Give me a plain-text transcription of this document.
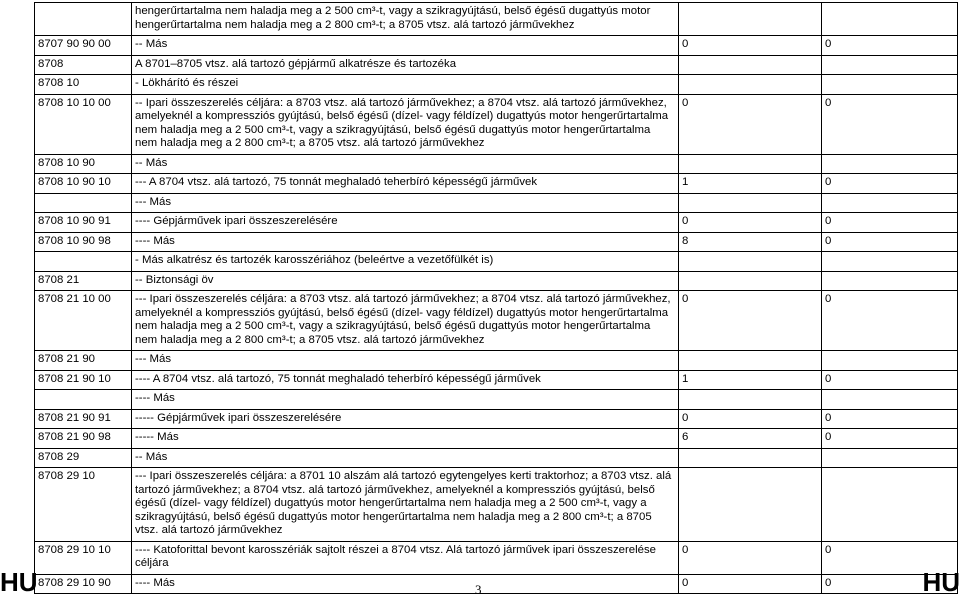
	hengerűrtartalma nem haladja meg a 2 500 cm³-t, vagy a szikragyújtású, belső égésű dugattyús motor hengerűrtartalma nem haladja meg a 2 800 cm³-t; a 8705 vtsz. alá tartozó járművekhez		
8707 90 90 00	-- Más	0	0
8708	A 8701–8705 vtsz. alá tartozó gépjármű alkatrésze és tartozéka		
8708 10	- Lökhárító és részei		
8708 10 10 00	-- Ipari összeszerelés céljára: a 8703 vtsz. alá tartozó járművekhez; a 8704 vtsz. alá tartozó járművekhez, amelyeknél a kompressziós gyújtású, belső égésű (dízel- vagy féldízel) dugattyús motor hengerűrtartalma nem haladja meg a 2 500 cm³-t, vagy a szikragyújtású, belső égésű dugattyús motor hengerűrtartalma nem haladja meg a 2 800 cm³-t; a 8705 vtsz. alá tartozó járművekhez	0	0
8708 10 90	-- Más		
8708 10 90 10	--- A 8704 vtsz. alá tartozó, 75 tonnát meghaladó teherbíró képességű járművek	1	0
	--- Más		
8708 10 90 91	---- Gépjárművek ipari összeszerelésére	0	0
8708 10 90 98	---- Más	8	0
	- Más alkatrész és tartozék karosszériához (beleértve a vezetőfülkét is)		
8708 21	-- Biztonsági öv		
8708 21 10 00	--- Ipari összeszerelés céljára: a 8703 vtsz. alá tartozó járművekhez; a 8704 vtsz. alá tartozó járművekhez, amelyeknél a kompressziós gyújtású, belső égésű (dízel- vagy féldízel) dugattyús motor hengerűrtartalma nem haladja meg a 2 500 cm³-t, vagy a szikragyújtású, belső égésű dugattyús motor hengerűrtartalma nem haladja meg a 2 800 cm³-t; a 8705 vtsz. alá tartozó járművekhez	0	0
8708 21 90	--- Más		
8708 21 90 10	---- A 8704 vtsz. alá tartozó, 75 tonnát meghaladó teherbíró képességű járművek	1	0
	---- Más		
8708 21 90 91	----- Gépjárművek ipari összeszerelésére	0	0
8708 21 90 98	----- Más	6	0
8708 29	-- Más		
8708 29 10	--- Ipari összeszerelés céljára: a 8701 10 alszám alá tartozó egytengelyes kerti traktorhoz; a 8703 vtsz. alá tartozó járművekhez; a 8704 vtsz. alá tartozó járművekhez, amelyeknél a kompressziós gyújtású, belső égésű (dízel- vagy féldízel) dugattyús motor hengerűrtartalma nem haladja meg a 2 500 cm³-t, vagy a szikragyújtású, belső égésű dugattyús motor hengerűrtartalma nem haladja meg a 2 800 cm³-t; a 8705 vtsz. alá tartozó járművekhez		
8708 29 10 10	---- Katoforittal bevont karosszériák sajtolt részei a 8704 vtsz. Alá tartozó járművek ipari összeszerelése céljára	0	0
8708 29 10 90	---- Más	0	0
HU	3	HU
